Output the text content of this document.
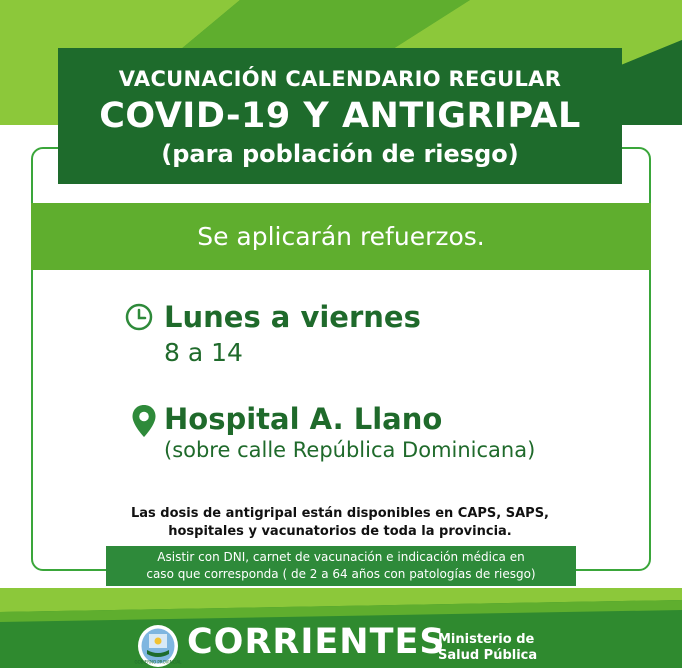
VACUNACIÓN CALENDARIO REGULAR
COVID-19 Y ANTIGRIPAL
(para población de riesgo)
Se aplicarán refuerzos.
Lunes a viernes
8 a 14
Hospital A. Llano
(sobre calle República Dominicana)
Las dosis de antigripal están disponibles en CAPS, SAPS,
hospitales y vacunatorios de toda la provincia.
Asistir con DNI, carnet de vacunación e indicación médica en
caso que corresponda ( de 2 a 64 años con patologías de riesgo)
GOBIERNO PROVINCIAL CORRIENTES
Ministerio de
Salud Pública
